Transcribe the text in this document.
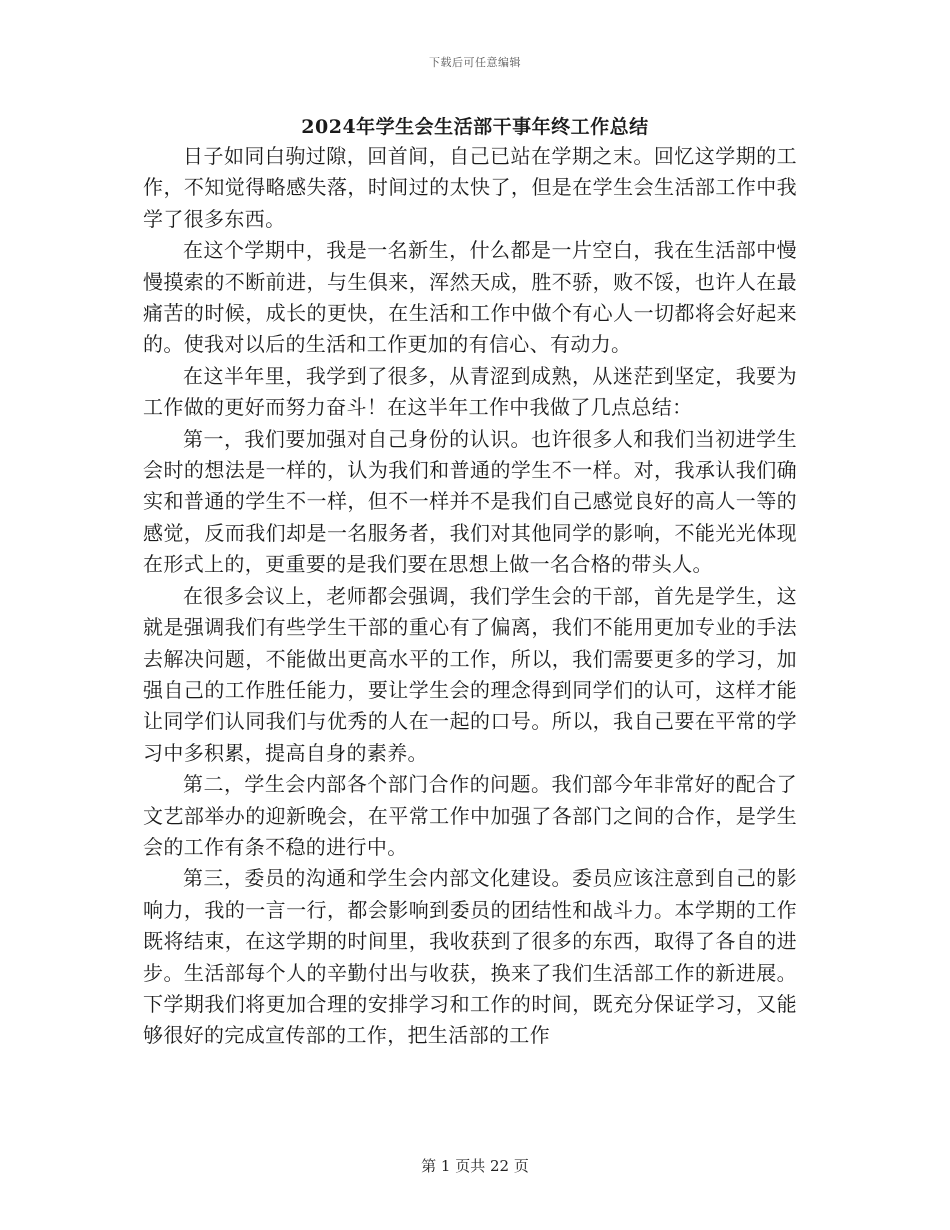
下载后可任意编辑
2024年学生会生活部干事年终工作总结

日子如同白驹过隙，回首间，自己已站在学期之末。回忆这学期的工作，不知觉得略感失落，时间过的太快了，但是在学生会生活部工作中我学了很多东西。

在这个学期中，我是一名新生，什么都是一片空白，我在生活部中慢慢摸索的不断前进，与生俱来，浑然天成，胜不骄，败不馁，也许人在最痛苦的时候，成长的更快，在生活和工作中做个有心人一切都将会好起来的。使我对以后的生活和工作更加的有信心、有动力。

在这半年里，我学到了很多，从青涩到成熟，从迷茫到坚定，我要为工作做的更好而努力奋斗！在这半年工作中我做了几点总结：

第一，我们要加强对自己身份的认识。也许很多人和我们当初进学生会时的想法是一样的，认为我们和普通的学生不一样。对，我承认我们确实和普通的学生不一样，但不一样并不是我们自己感觉良好的高人一等的感觉，反而我们却是一名服务者，我们对其他同学的影响，不能光光体现在形式上的，更重要的是我们要在思想上做一名合格的带头人。

在很多会议上，老师都会强调，我们学生会的干部，首先是学生，这就是强调我们有些学生干部的重心有了偏离，我们不能用更加专业的手法去解决问题，不能做出更高水平的工作，所以，我们需要更多的学习，加强自己的工作胜任能力，要让学生会的理念得到同学们的认可，这样才能让同学们认同我们与优秀的人在一起的口号。所以，我自己要在平常的学习中多积累，提高自身的素养。

第二，学生会内部各个部门合作的问题。我们部今年非常好的配合了文艺部举办的迎新晚会，在平常工作中加强了各部门之间的合作，是学生会的工作有条不稳的进行中。

第三，委员的沟通和学生会内部文化建设。委员应该注意到自己的影响力，我的一言一行，都会影响到委员的团结性和战斗力。本学期的工作既将结束，在这学期的时间里，我收获到了很多的东西，取得了各自的进步。生活部每个人的辛勤付出与收获，换来了我们生活部工作的新进展。下学期我们将更加合理的安排学习和工作的时间，既充分保证学习，又能够很好的完成宣传部的工作，把生活部的工作

第 1 页共 22 页
